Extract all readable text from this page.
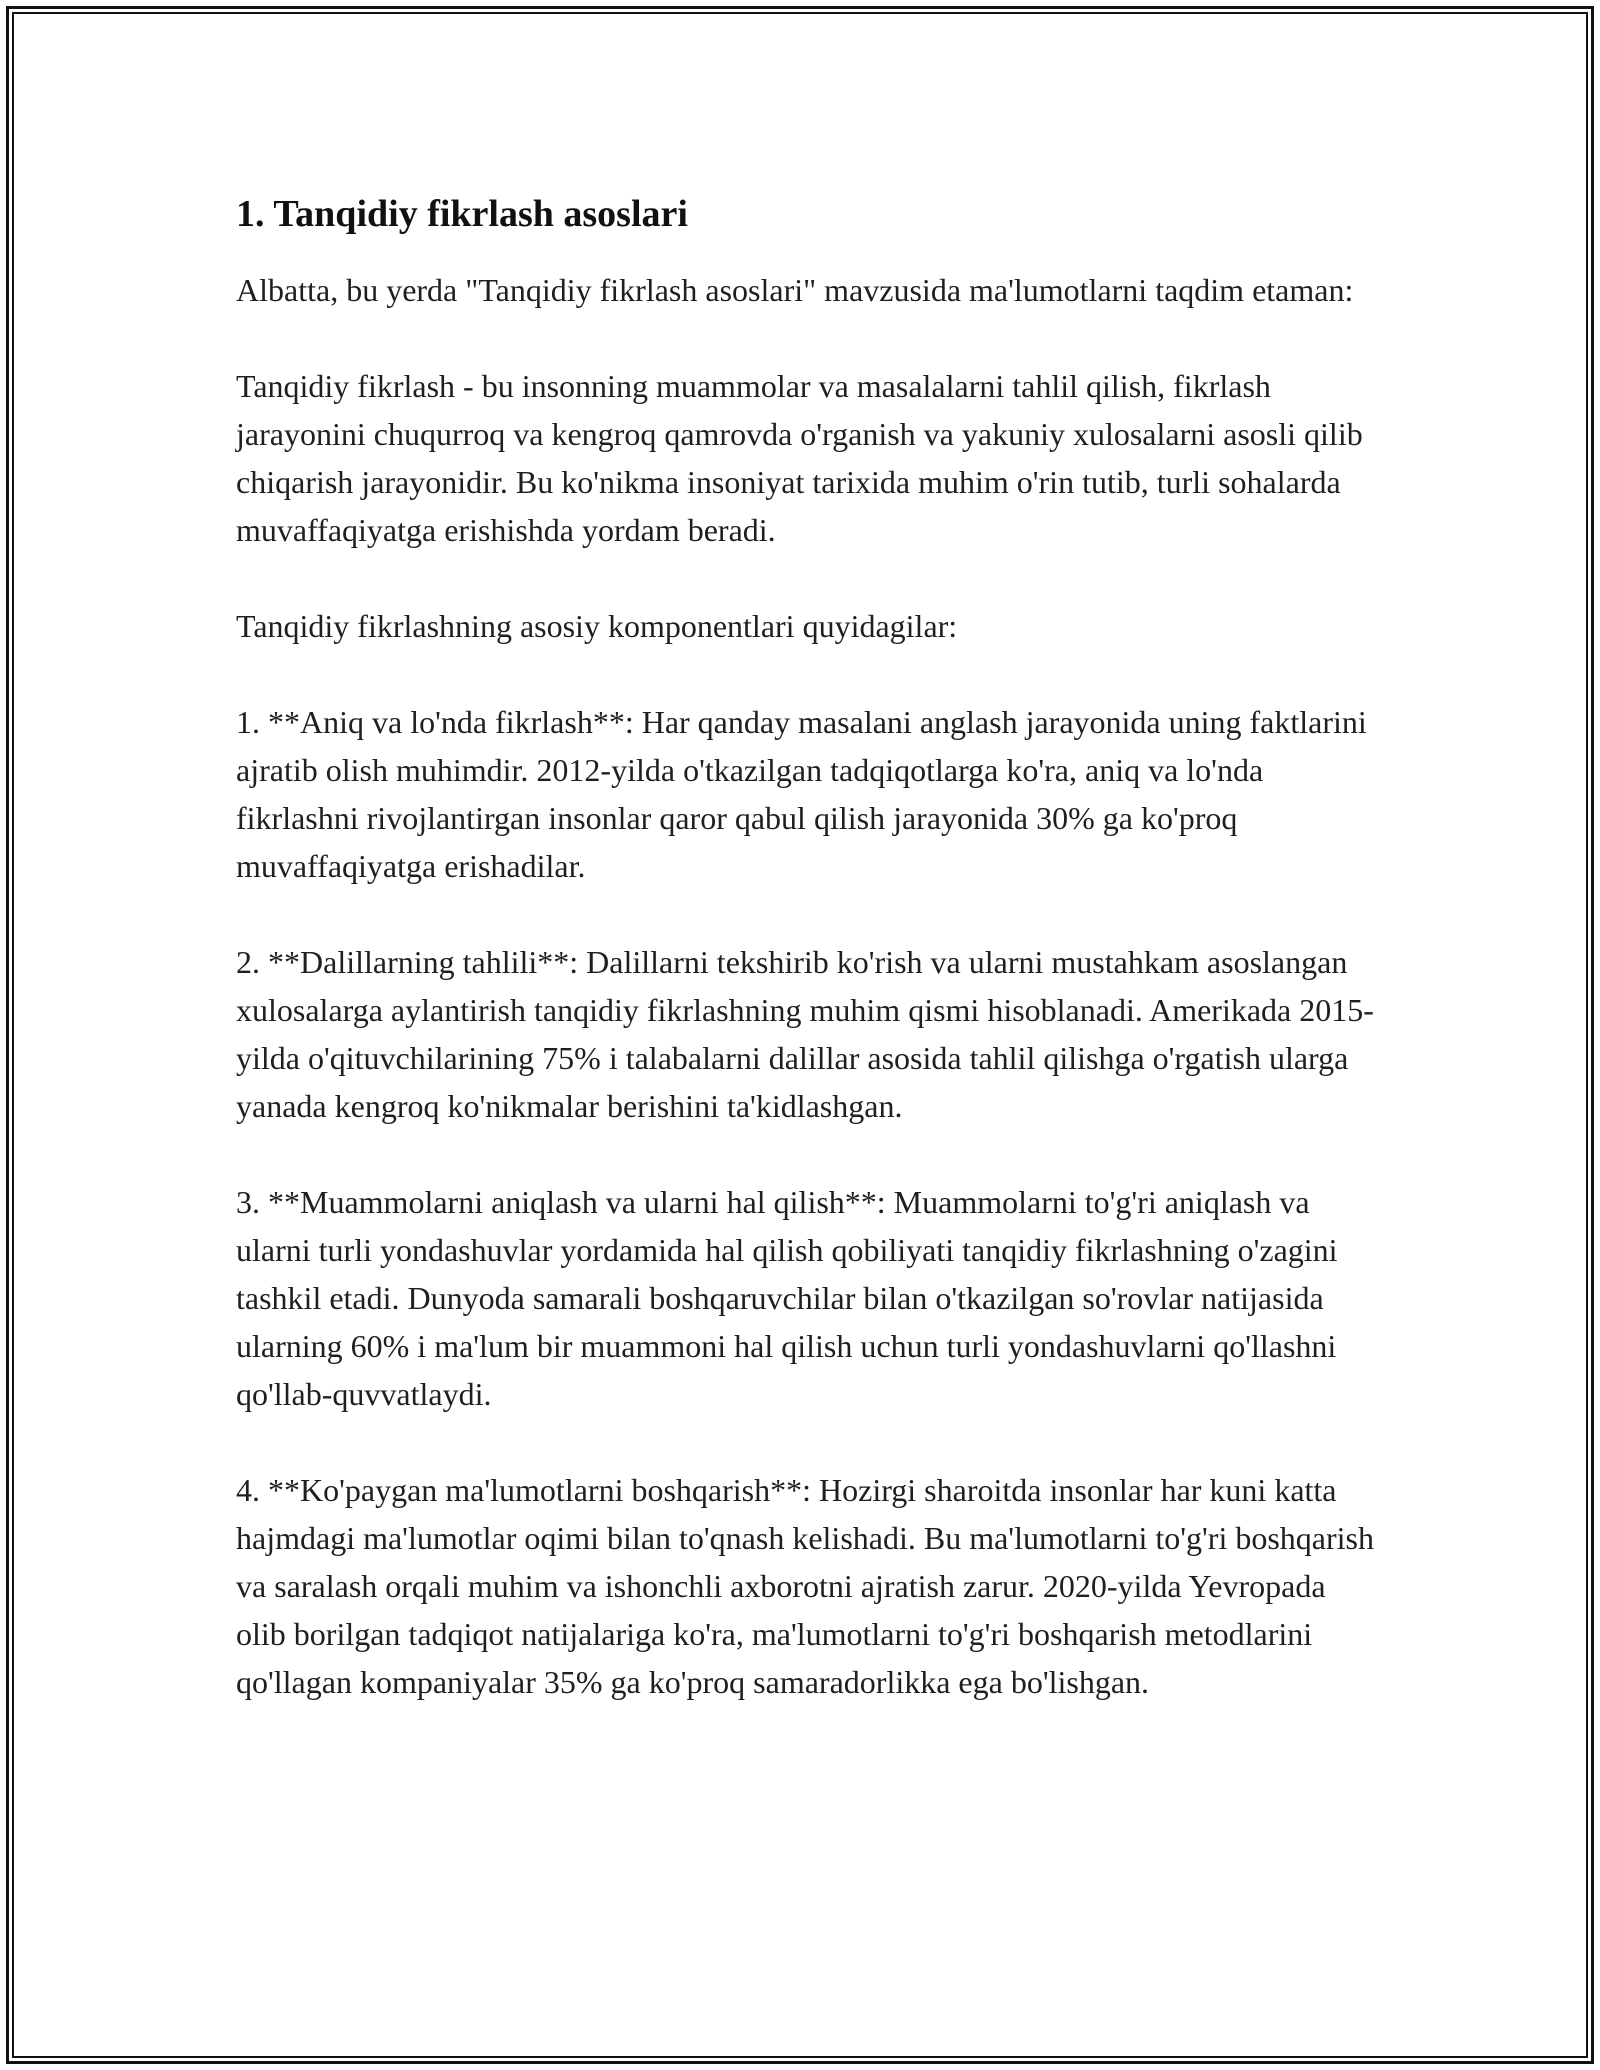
1. Tanqidiy fikrlash asoslari

Albatta, bu yerda "Tanqidiy fikrlash asoslari" mavzusida ma'lumotlarni taqdim etaman:

Tanqidiy fikrlash - bu insonning muammolar va masalalarni tahlil qilish, fikrlash jarayonini chuqurroq va kengroq qamrovda o'rganish va yakuniy xulosalarni asosli qilib chiqarish jarayonidir. Bu ko'nikma insoniyat tarixida muhim o'rin tutib, turli sohalarda muvaffaqiyatga erishishda yordam beradi.

Tanqidiy fikrlashning asosiy komponentlari quyidagilar:

1. **Aniq va lo'nda fikrlash**: Har qanday masalani anglash jarayonida uning faktlarini ajratib olish muhimdir. 2012-yilda o'tkazilgan tadqiqotlarga ko'ra, aniq va lo'nda fikrlashni rivojlantirgan insonlar qaror qabul qilish jarayonida 30% ga ko'proq muvaffaqiyatga erishadilar.

2. **Dalillarning tahlili**: Dalillarni tekshirib ko'rish va ularni mustahkam asoslangan xulosalarga aylantirish tanqidiy fikrlashning muhim qismi hisoblanadi. Amerikada 2015-yilda o'qituvchilarining 75% i talabalarni dalillar asosida tahlil qilishga o'rgatish ularga yanada kengroq ko'nikmalar berishini ta'kidlashgan.

3. **Muammolarni aniqlash va ularni hal qilish**: Muammolarni to'g'ri aniqlash va ularni turli yondashuvlar yordamida hal qilish qobiliyati tanqidiy fikrlashning o'zagini tashkil etadi. Dunyoda samarali boshqaruvchilar bilan o'tkazilgan so'rovlar natijasida ularning 60% i ma'lum bir muammoni hal qilish uchun turli yondashuvlarni qo'llashni qo'llab-quvvatlaydi.

4. **Ko'paygan ma'lumotlarni boshqarish**: Hozirgi sharoitda insonlar har kuni katta hajmdagi ma'lumotlar oqimi bilan to'qnash kelishadi. Bu ma'lumotlarni to'g'ri boshqarish va saralash orqali muhim va ishonchli axborotni ajratish zarur. 2020-yilda Yevropada olib borilgan tadqiqot natijalariga ko'ra, ma'lumotlarni to'g'ri boshqarish metodlarini qo'llagan kompaniyalar 35% ga ko'proq samaradorlikka ega bo'lishgan.
